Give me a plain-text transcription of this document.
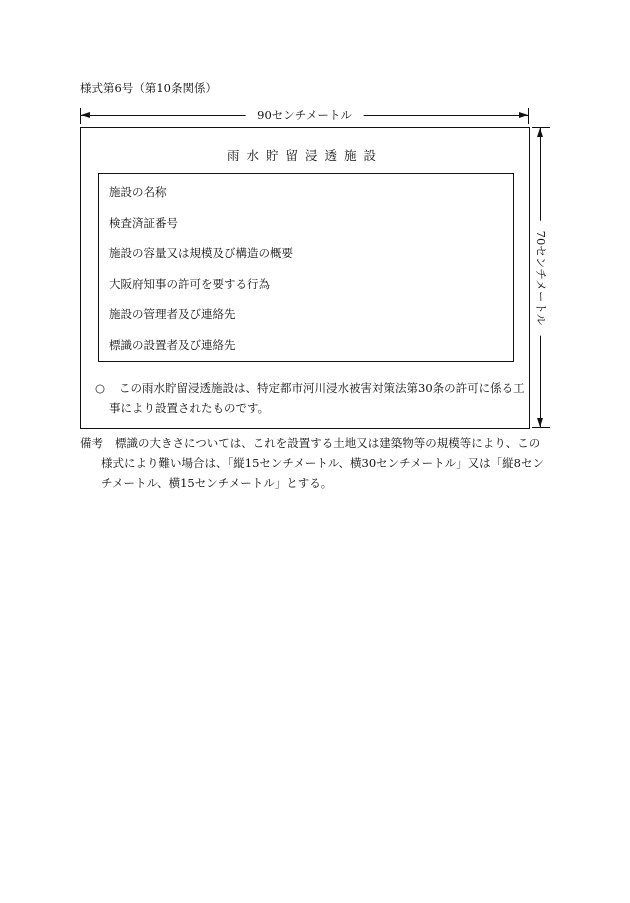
様式第6号（第10条関係）
90センチメートル
70センチメートル
雨水貯留浸透施設
施設の名称
検査済証番号
施設の容量又は規模及び構造の概要
大阪府知事の許可を要する行為
施設の管理者及び連絡先
標識の設置者及び連絡先
○ この雨水貯留浸透施設は、特定都市河川浸水被害対策法第30条の許可に係る工
事により設置されたものです。
備考 標識の大きさについては、これを設置する土地又は建築物等の規模等により、この
様式により難い場合は、「縦15センチメートル、横30センチメートル」又は「縦8セン
チメートル、横15センチメートル」とする。
